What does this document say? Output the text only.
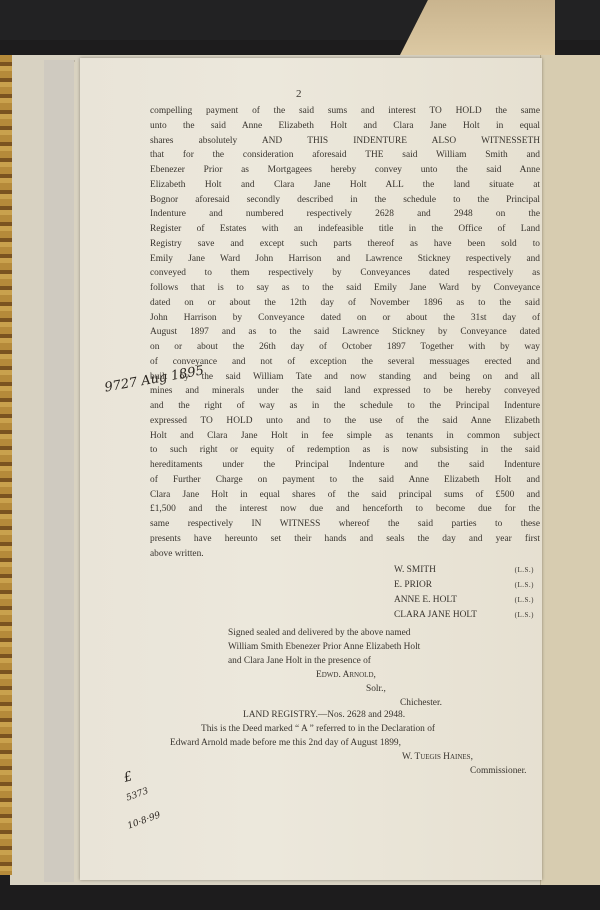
2
compelling payment of the said sums and interest TO HOLD the same
unto the said Anne Elizabeth Holt and Clara Jane Holt in equal
shares absolutely AND THIS INDENTURE ALSO WITNESSETH
that for the consideration aforesaid THE said William Smith and
Ebenezer Prior as Mortgagees hereby convey unto the said Anne
Elizabeth Holt and Clara Jane Holt ALL the land situate at
Bognor aforesaid secondly described in the schedule to the Principal
Indenture and numbered respectively 2628 and 2948 on the
Register of Estates with an indefeasible title in the Office of Land
Registry save and except such parts thereof as have been sold to
Emily Jane Ward John Harrison and Lawrence Stickney respectively and
conveyed to them respectively by Conveyances dated respectively as
follows that is to say as to the said Emily Jane Ward by Conveyance
dated on or about the 12th day of November 1896 as to the said
John Harrison by Conveyance dated on or about the 31st day of
August 1897 and as to the said Lawrence Stickney by Conveyance dated
on or about the 26th day of October 1897 Together with by way
of conveyance and not of exception the several messuages erected and
built by the said William Tate and now standing and being on and all
mines and minerals under the said land expressed to be hereby conveyed
and the right of way as in the schedule to the Principal Indenture
expressed TO HOLD unto and to the use of the said Anne Elizabeth
Holt and Clara Jane Holt in fee simple as tenants in common subject
to such right or equity of redemption as is now subsisting in the said
hereditaments under the Principal Indenture and the said Indenture
of Further Charge on payment to the said Anne Elizabeth Holt and
Clara Jane Holt in equal shares of the said principal sums of £500 and
£1,500 and the interest now due and henceforth to become due for the
same respectively IN WITNESS whereof the said parties to these
presents have hereunto set their hands and seals the day and year first
above written.
W. SMITH	(L.S.)
E. PRIOR	(L.S.)
ANNE E. HOLT	(L.S.)
CLARA JANE HOLT	(L.S.)
Signed sealed and delivered by the above named
William Smith Ebenezer Prior Anne Elizabeth Holt
and Clara Jane Holt in the presence of
Edwd. Arnold,
Solr.,
Chichester.
LAND REGISTRY.—Nos. 2628 and 2948.
This is the Deed marked “ A ” referred to in the Declaration of
Edward Arnold made before me this 2nd day of August 1899,
W. Tuegis Haines,
Commissioner.
9727 Aug 1895
£
5373
10·8·99
